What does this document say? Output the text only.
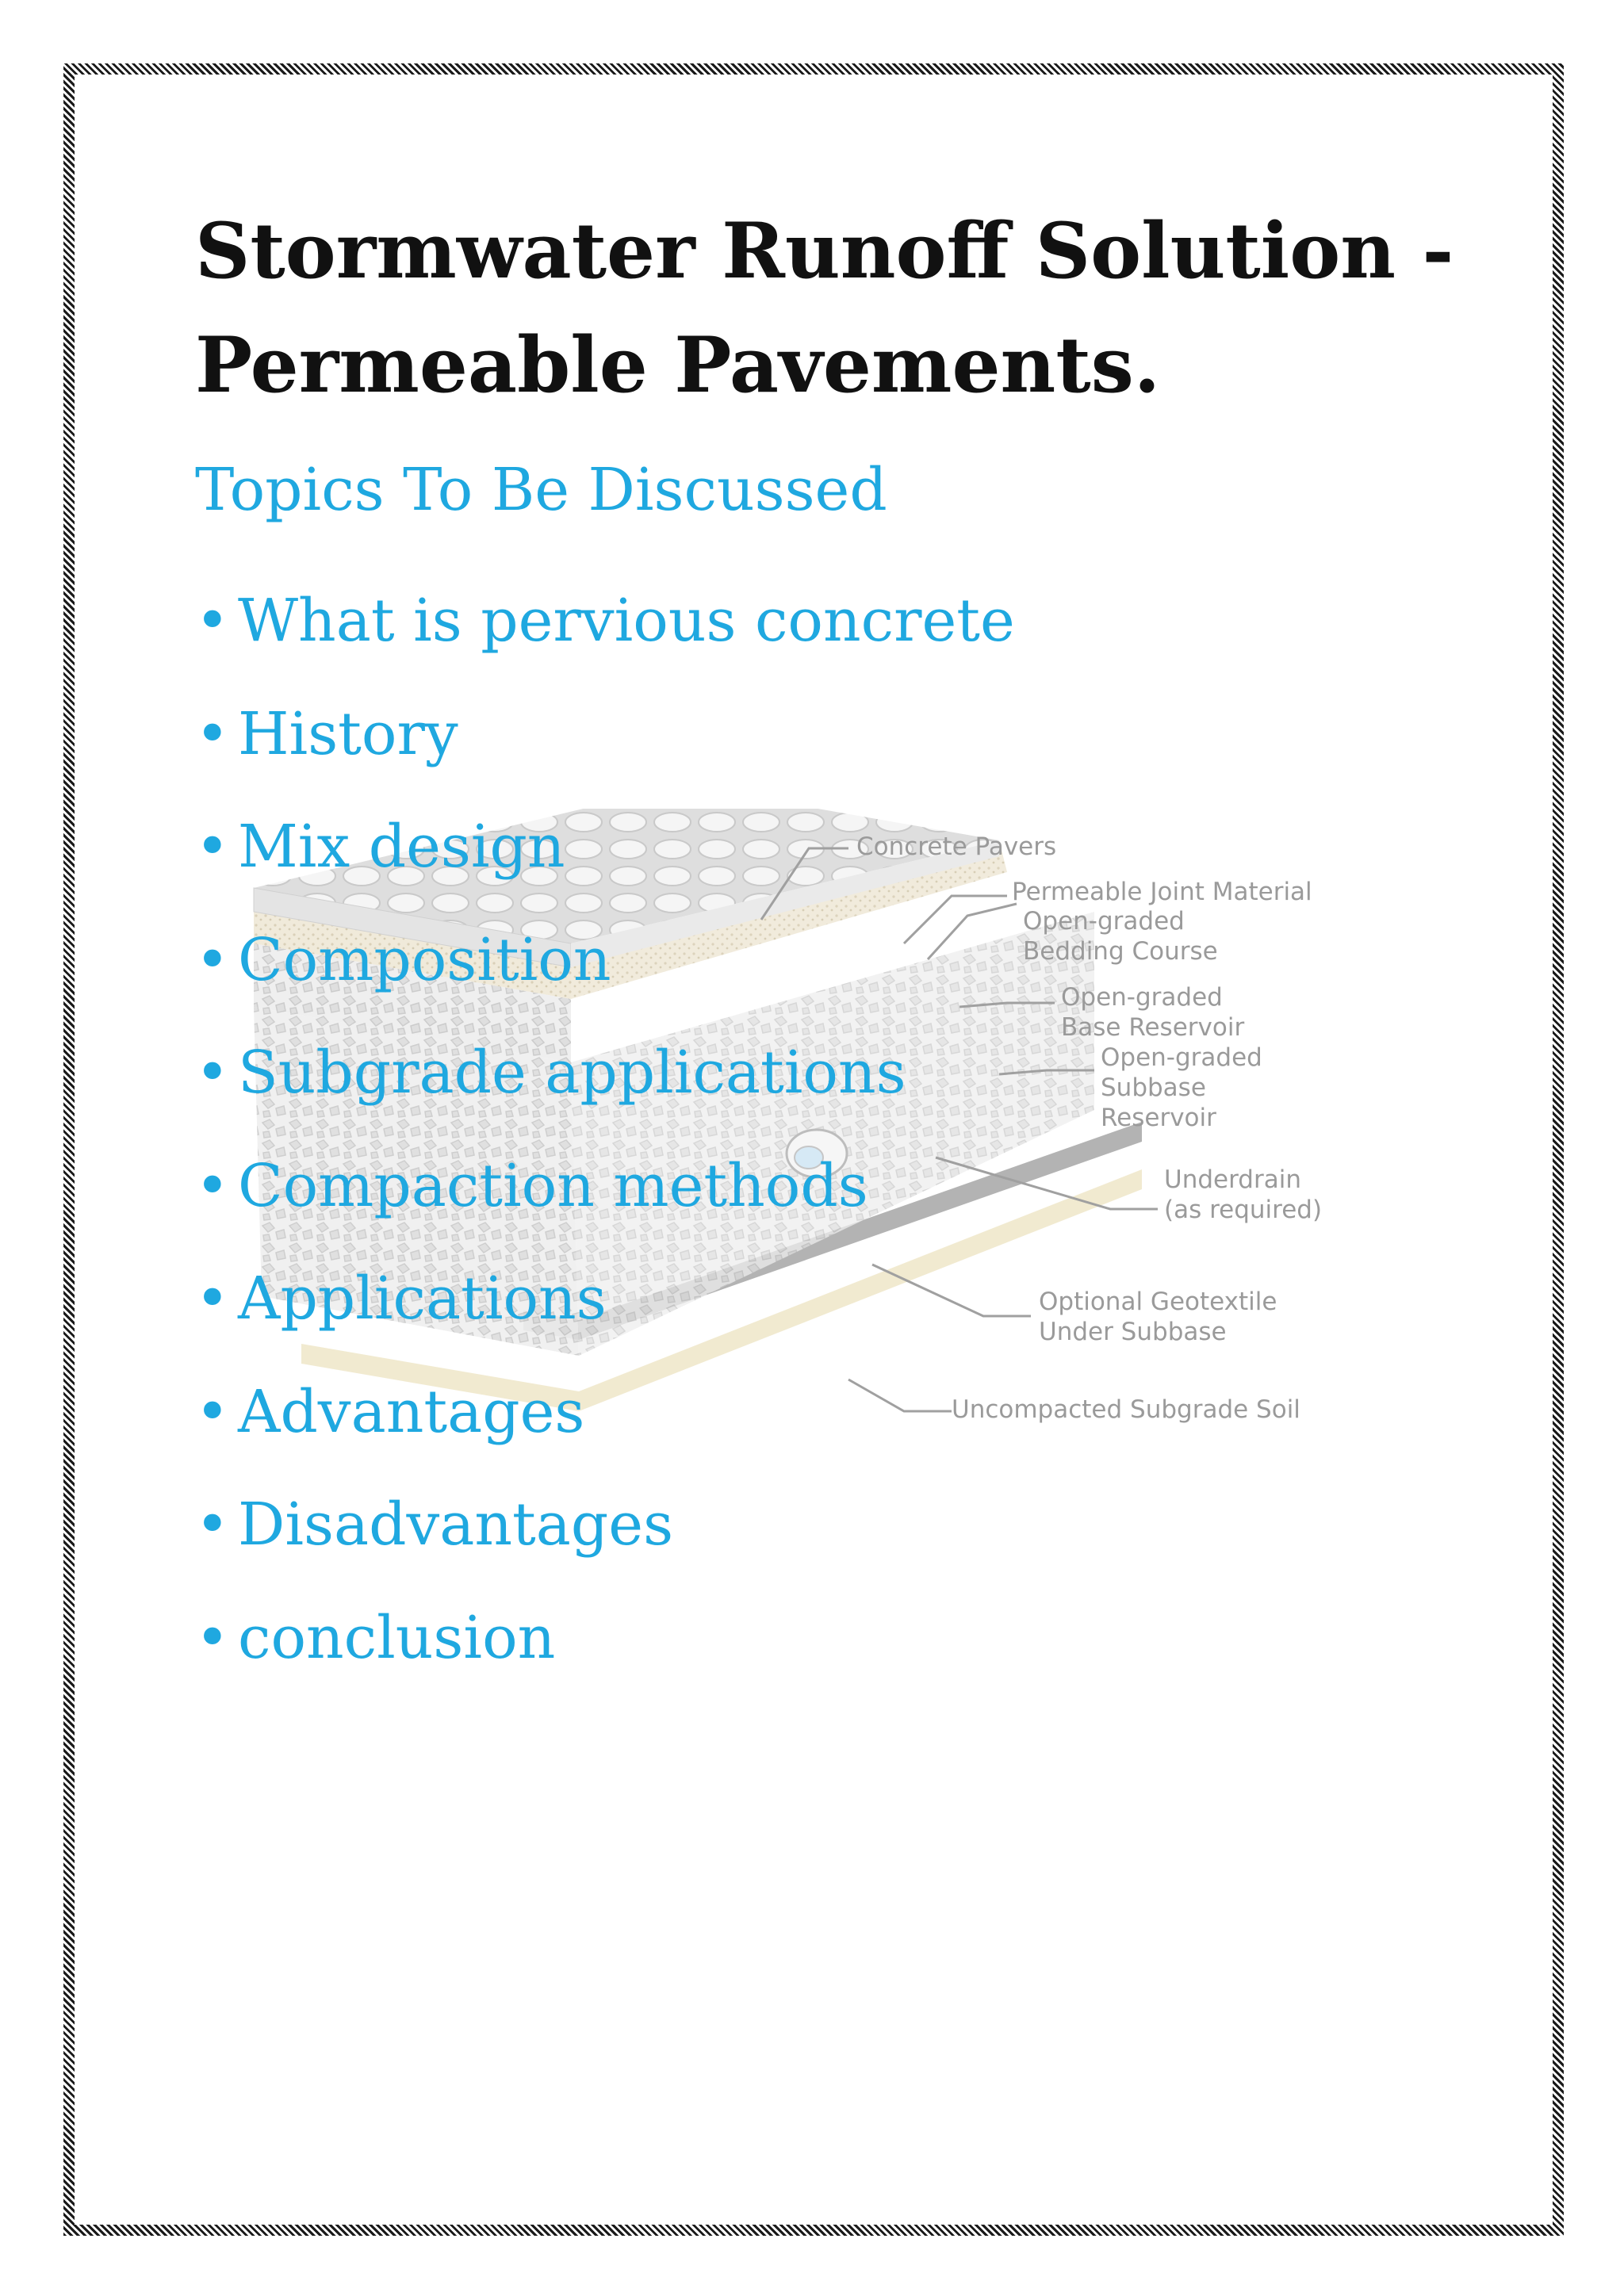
Concrete Pavers
Permeable Joint Material
Open-graded
Bedding Course
Open-graded
Base Reservoir
Open-graded
Subbase
Reservoir
Underdrain
(as required)
Optional Geotextile
Under Subbase
Uncompacted Subgrade Soil
Stormwater Runoff Solution - Permeable Pavements.
Topics To Be Discussed
• What is pervious concrete
• History
• Mix design
• Composition
• Subgrade applications
• Compaction methods
• Applications
• Advantages
• Disadvantages
• conclusion
